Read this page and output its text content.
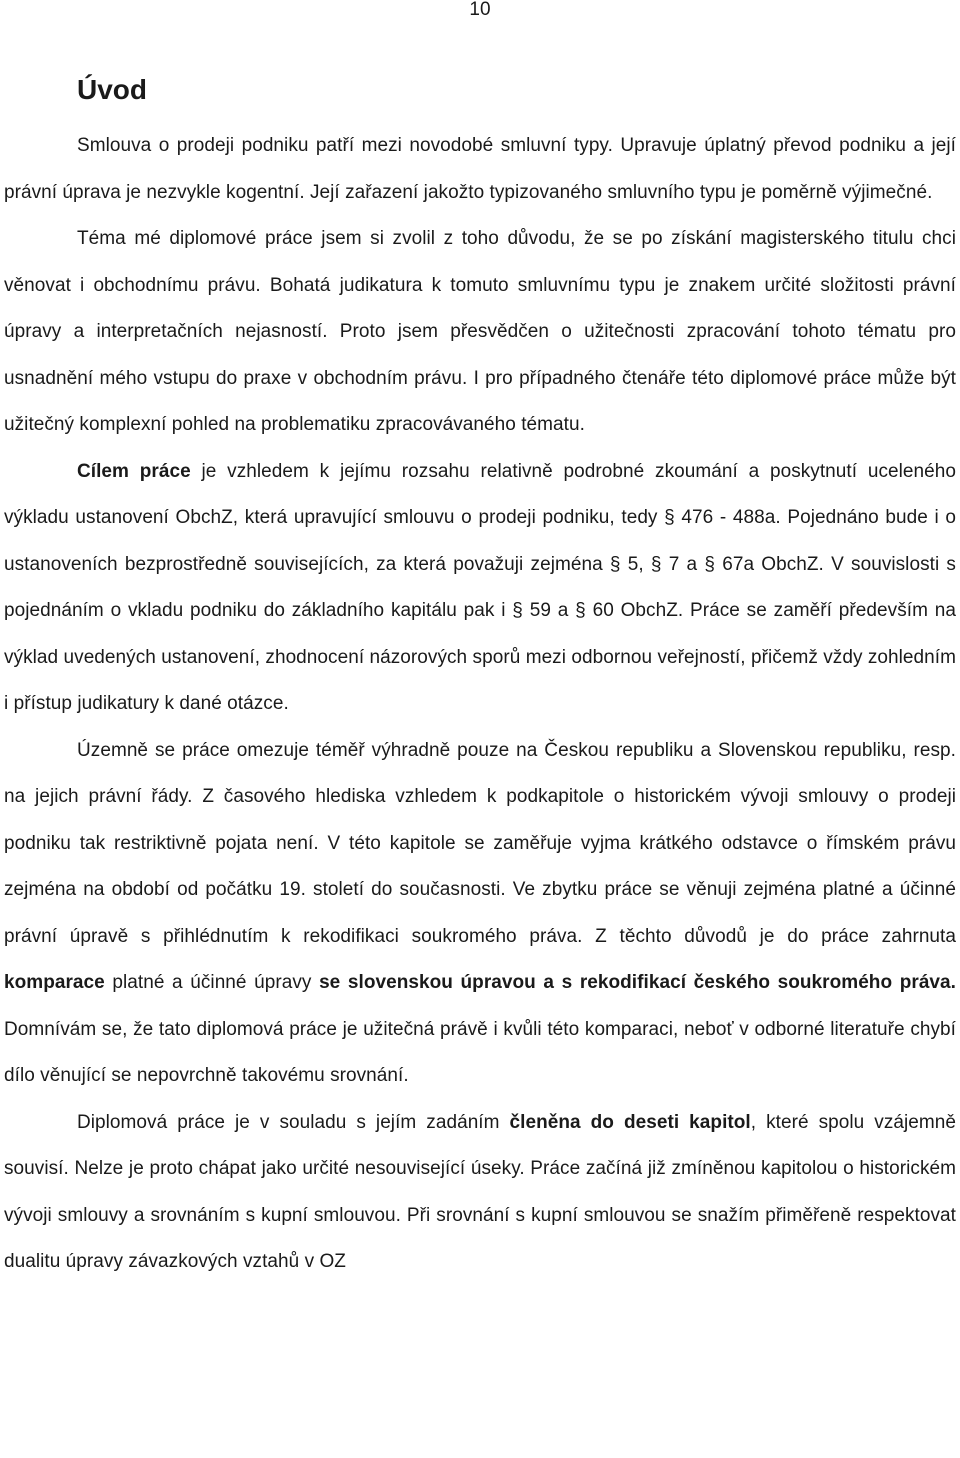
10
Úvod

Smlouva o prodeji podniku patří mezi novodobé smluvní typy. Upravuje úplatný převod podniku a její právní úprava je nezvykle kogentní. Její zařazení jakožto typizovaného smluvního typu je poměrně výjimečné.

Téma mé diplomové práce jsem si zvolil z toho důvodu, že se po získání magisterského titulu chci věnovat i obchodnímu právu. Bohatá judikatura k tomuto smluvnímu typu je znakem určité složitosti právní úpravy a interpretačních nejasností. Proto jsem přesvědčen o užitečnosti zpracování tohoto tématu pro usnadnění mého vstupu do praxe v obchodním právu. I pro případného čtenáře této diplomové práce může být užitečný komplexní pohled na problematiku zpracovávaného tématu.

Cílem práce je vzhledem k jejímu rozsahu relativně podrobné zkoumání a poskytnutí uceleného výkladu ustanovení ObchZ, která upravující smlouvu o prodeji podniku, tedy § 476 - 488a. Pojednáno bude i o ustanoveních bezprostředně souvisejících, za která považuji zejména § 5, § 7 a § 67a ObchZ. V souvislosti s pojednáním o vkladu podniku do základního kapitálu pak i § 59 a § 60 ObchZ. Práce se zaměří především na výklad uvedených ustanovení, zhodnocení názorových sporů mezi odbornou veřejností, přičemž vždy zohledním i přístup judikatury k dané otázce.

Územně se práce omezuje téměř výhradně pouze na Českou republiku a Slovenskou republiku, resp. na jejich právní řády. Z časového hlediska vzhledem k podkapitole o historickém vývoji smlouvy o prodeji podniku tak restriktivně pojata není. V této kapitole se zaměřuje vyjma krátkého odstavce o římském právu zejména na období od počátku 19. století do současnosti. Ve zbytku práce se věnuji zejména platné a účinné právní úpravě s přihlédnutím k rekodifikaci soukromého práva. Z těchto důvodů je do práce zahrnuta komparace platné a účinné úpravy se slovenskou úpravou a s rekodifikací českého soukromého práva. Domnívám se, že tato diplomová práce je užitečná právě i kvůli této komparaci, neboť v odborné literatuře chybí dílo věnující se nepovrchně takovému srovnání.

Diplomová práce je v souladu s jejím zadáním členěna do deseti kapitol, které spolu vzájemně souvisí. Nelze je proto chápat jako určité nesouvisející úseky. Práce začíná již zmíněnou kapitolou o historickém vývoji smlouvy a srovnáním s kupní smlouvou. Při srovnání s kupní smlouvou se snažím přiměřeně respektovat dualitu úpravy závazkových vztahů v OZ
